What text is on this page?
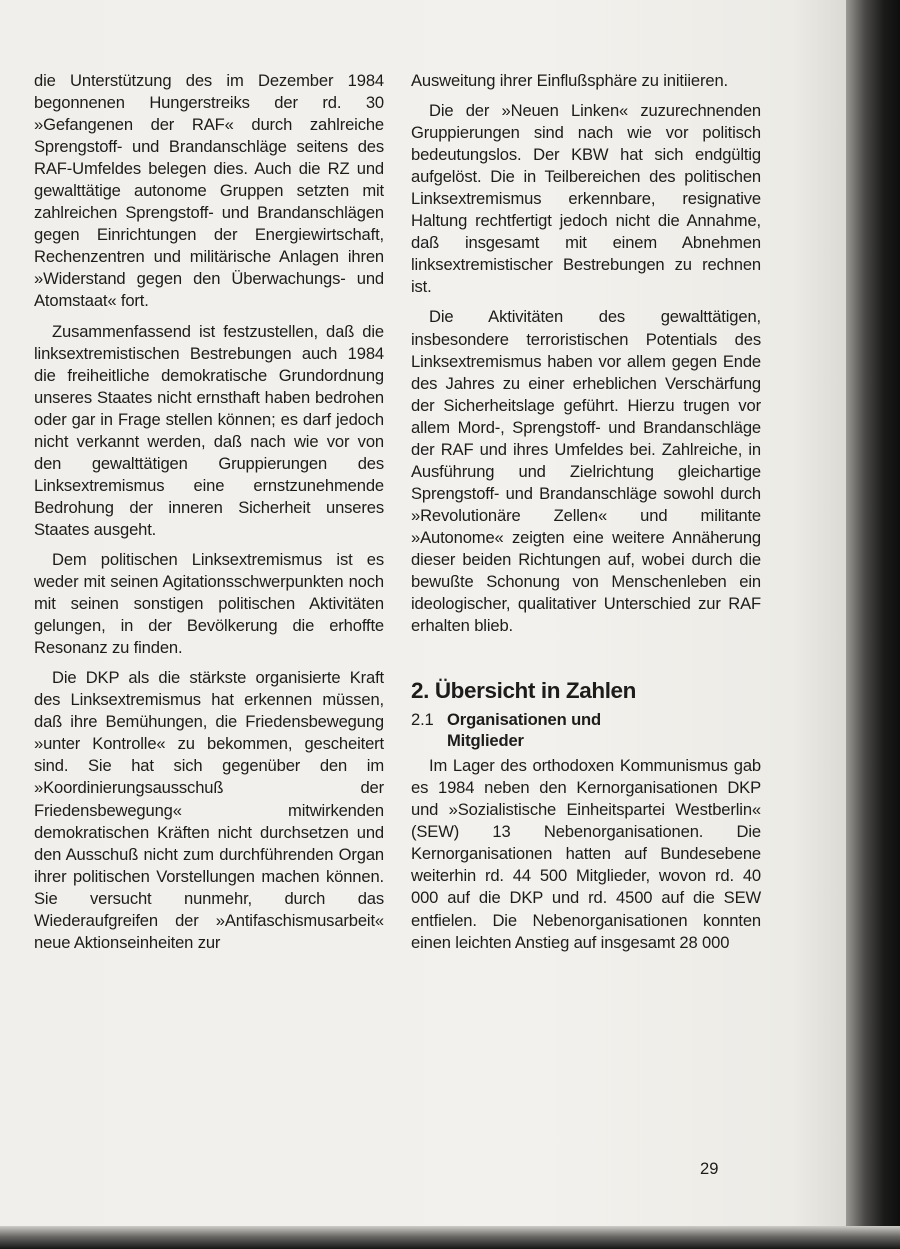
die Unterstützung des im Dezember 1984 begonnenen Hungerstreiks der rd. 30 »Gefangenen der RAF« durch zahlreiche Sprengstoff- und Brandanschläge seitens des RAF-Umfeldes belegen dies. Auch die RZ und gewalttätige autonome Gruppen setzten mit zahlreichen Sprengstoff- und Brandanschlägen gegen Einrichtungen der Energiewirtschaft, Rechenzentren und militärische Anlagen ihren »Widerstand gegen den Überwachungs- und Atomstaat« fort.

Zusammenfassend ist festzustellen, daß die linksextremistischen Bestrebungen auch 1984 die freiheitliche demokratische Grundordnung unseres Staates nicht ernsthaft haben bedrohen oder gar in Frage stellen können; es darf jedoch nicht verkannt werden, daß nach wie vor von den gewalttätigen Gruppierungen des Linksextremismus eine ernstzunehmende Bedrohung der inneren Sicherheit unseres Staates ausgeht.

Dem politischen Linksextremismus ist es weder mit seinen Agitationsschwerpunkten noch mit seinen sonstigen politischen Aktivitäten gelungen, in der Bevölkerung die erhoffte Resonanz zu finden.

Die DKP als die stärkste organisierte Kraft des Linksextremismus hat erkennen müssen, daß ihre Bemühungen, die Friedensbewegung »unter Kontrolle« zu bekommen, gescheitert sind. Sie hat sich gegenüber den im »Koordinierungsausschuß der Friedensbewegung« mitwirkenden demokratischen Kräften nicht durchsetzen und den Ausschuß nicht zum durchführenden Organ ihrer politischen Vorstellungen machen können. Sie versucht nunmehr, durch das Wiederaufgreifen der »Antifaschismusarbeit« neue Aktionseinheiten zur

Ausweitung ihrer Einflußsphäre zu initiieren.

Die der »Neuen Linken« zuzurechnenden Gruppierungen sind nach wie vor politisch bedeutungslos. Der KBW hat sich endgültig aufgelöst. Die in Teilbereichen des politischen Linksextremismus erkennbare, resignative Haltung rechtfertigt jedoch nicht die Annahme, daß insgesamt mit einem Abnehmen linksextremistischer Bestrebungen zu rechnen ist.

Die Aktivitäten des gewalttätigen, insbesondere terroristischen Potentials des Linksextremismus haben vor allem gegen Ende des Jahres zu einer erheblichen Verschärfung der Sicherheitslage geführt. Hierzu trugen vor allem Mord-, Sprengstoff- und Brandanschläge der RAF und ihres Umfeldes bei. Zahlreiche, in Ausführung und Zielrichtung gleichartige Sprengstoff- und Brandanschläge sowohl durch »Revolutionäre Zellen« und militante »Autonome« zeigten eine weitere Annäherung dieser beiden Richtungen auf, wobei durch die bewußte Schonung von Menschenleben ein ideologischer, qualitativer Unterschied zur RAF erhalten blieb.

2. Übersicht in Zahlen
2.1 Organisationen und Mitglieder

Im Lager des orthodoxen Kommunismus gab es 1984 neben den Kernorganisationen DKP und »Sozialistische Einheitspartei Westberlin« (SEW) 13 Nebenorganisationen. Die Kernorganisationen hatten auf Bundesebene weiterhin rd. 44 500 Mitglieder, wovon rd. 40 000 auf die DKP und rd. 4500 auf die SEW entfielen. Die Nebenorganisationen konnten einen leichten Anstieg auf insgesamt 28 000

29
